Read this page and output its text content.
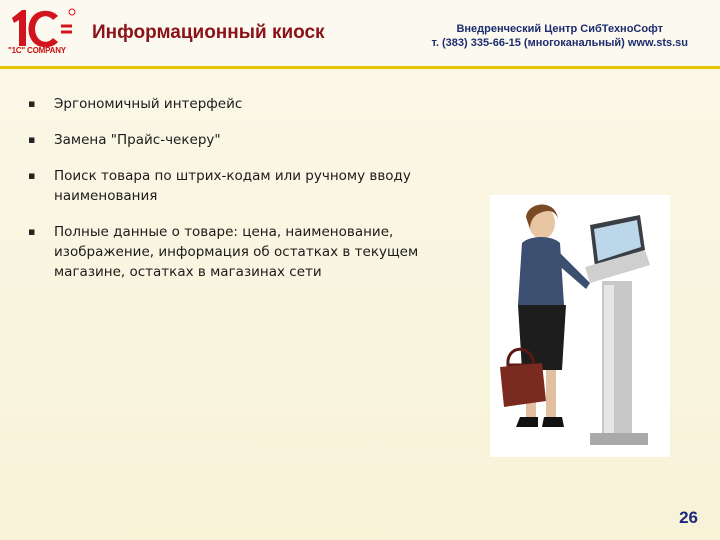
"1C" COMPANY
Информационный киоск	Внедренческий Центр СибТехноСофт
т. (383) 335-66-15 (многоканальный) www.sts.su
▪ Эргономичный интерфейс
▪ Замена "Прайс-чекеру"
▪ Поиск товара по штрих-кодам или ручному вводу наименования
▪ Полные данные о товаре: цена, наименование, изображение, информация об остатках в текущем магазине, остатках в магазинах сети
26
